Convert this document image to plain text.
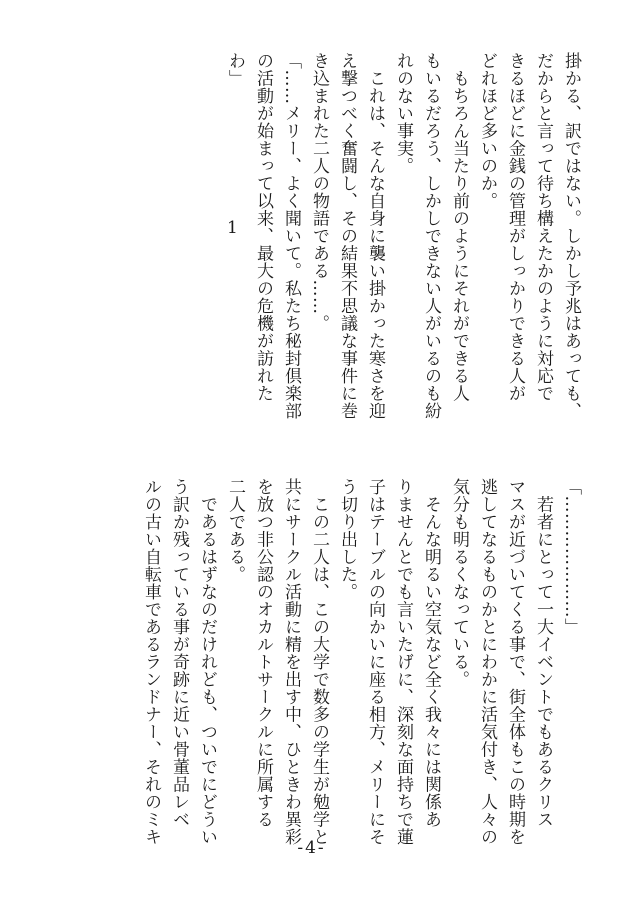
掛かる、訳ではない。しかし予兆はあっても、
だからと言って待ち構えたかのように対応で
きるほどに金銭の管理がしっかりできる人が
どれほど多いのか。
　もちろん当たり前のようにそれができる人
もいるだろう、しかしできない人がいるのも紛
れのない事実。
　これは、そんな自身に襲い掛かった寒さを迎
え撃つべく奮闘し、その結果不思議な事件に巻
き込まれた二人の物語である……。
「……メリー、よく聞いて。私たち秘封倶楽部
の活動が始まって以来、最大の危機が訪れた
わ」
1
「…………………」
　若者にとって一大イベントでもあるクリス
マスが近づいてくる事で、街全体もこの時期を
逃してなるものかとにわかに活気付き、人々の
気分も明るくなっている。
　そんな明るい空気など全く我々には関係あ
りませんとでも言いたげに、深刻な面持ちで蓮
子はテーブルの向かいに座る相方、メリーにそ
う切り出した。
　この二人は、この大学で数多の学生が勉学と
共にサークル活動に精を出す中、ひときわ異彩
を放つ非公認のオカルトサークルに所属する
二人である。
　であるはずなのだけれども、ついでにどうい
う訳か残っている事が奇跡に近い骨董品レベ
ルの古い自転車であるランドナー、それのミキ
-4-
